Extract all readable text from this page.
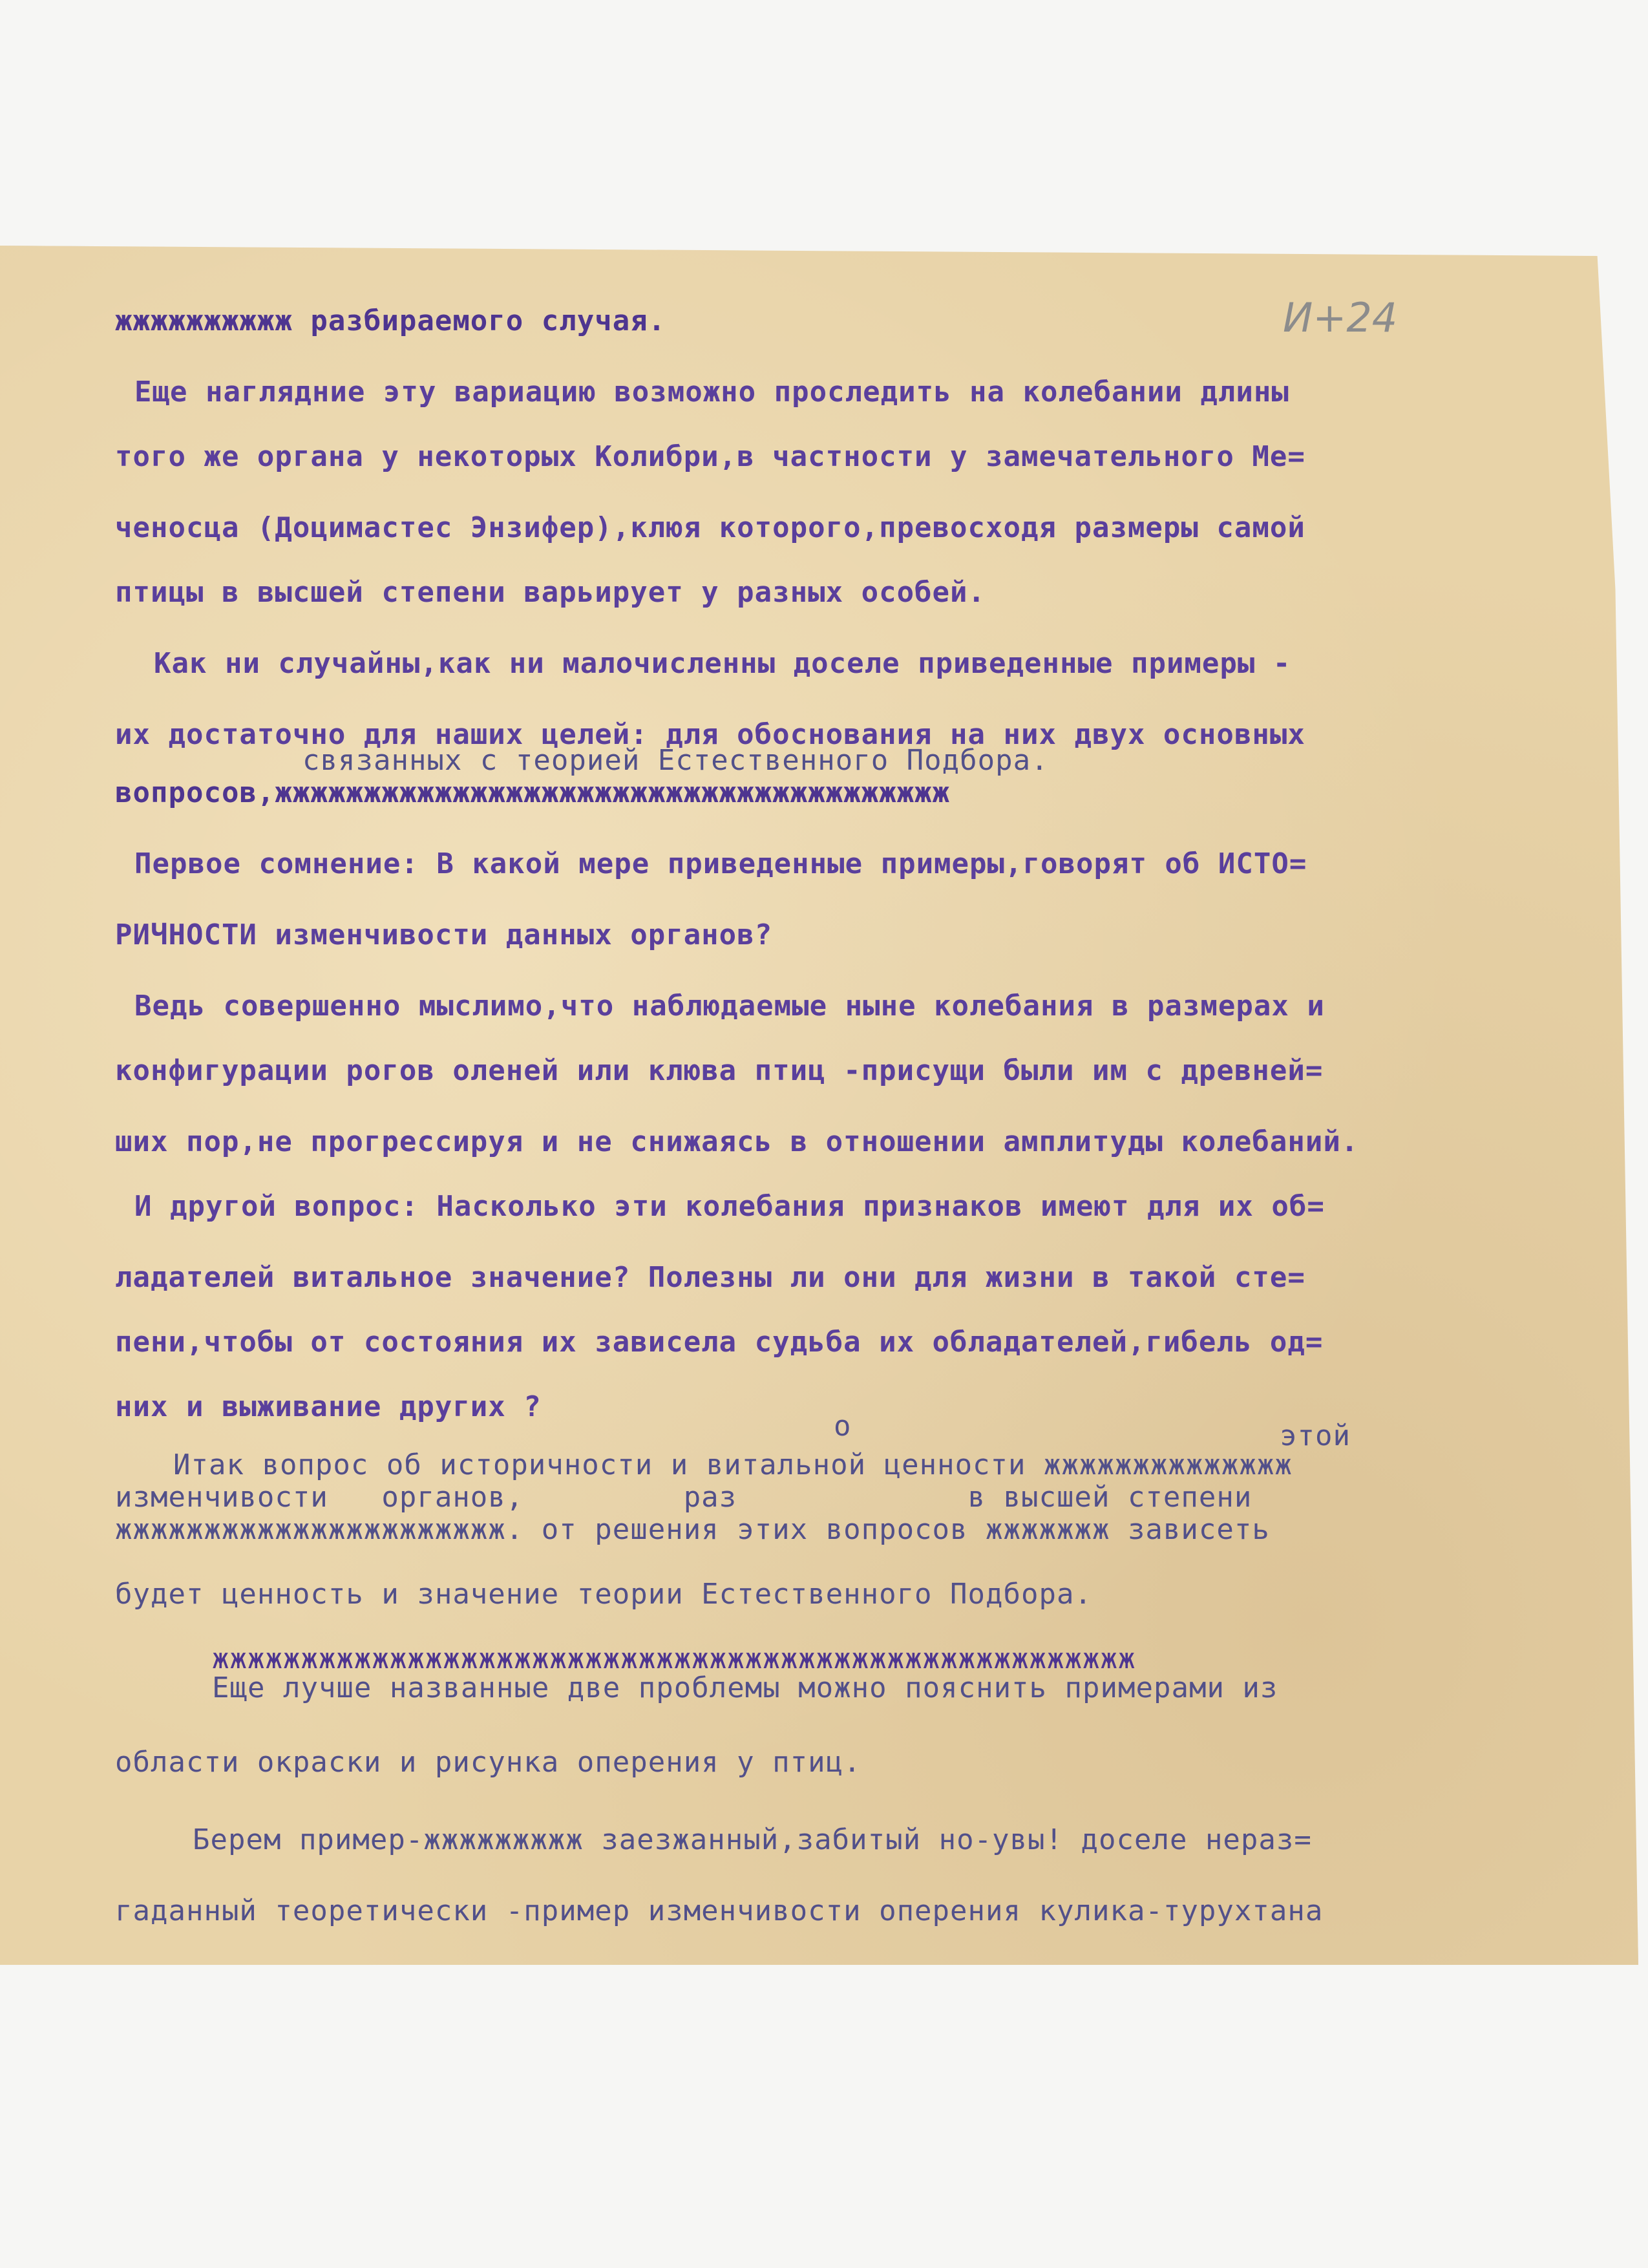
И+24

жжжжжжжжжж разбираемого случая.

Еще наглядние эту вариацию возможно проследить на колебании длины

того же органа у некоторых Колибри,в частности у замечательного Ме=

ченосца (Доцимастес Энзифер),клюя которого,превосходя размеры самой

птицы в высшей степени варьирует у разных особей.

Как ни случайны,как ни малочисленны доселе приведенные примеры -

их достаточно для наших целей: для обоснования на них двух основных

связанных с теорией Естественного Подбора.

вопросов,жжжжжжжжжжжжжжжжжжжжжжжжжжжжжжжжжжжжжж

Первое сомнение: В какой мере приведенные примеры,говорят об ИСТО=

РИЧНОСТИ изменчивости данных органов?

Ведь совершенно мыслимо,что наблюдаемые ныне колебания в размерах и

конфигурации рогов оленей или клюва птиц -присущи были им с древней=

ших пор,не прогрессируя и не снижаясь в отношении амплитуды колебаний.

И другой вопрос: Насколько эти колебания признаков имеют для их об=

ладателей витальное значение? Полезны ли они для жизни в такой сте=

пени,чтобы от состояния их зависела судьба их обладателей,гибель од=

них и выживание других ?

о	этой

Итак вопрос об историчности и витальной ценности жжжжжжжжжжжжжж

изменчивости   органов,         раз             в высшей степени

жжжжжжжжжжжжжжжжжжжжжж. от решения этих вопросов жжжжжжж зависеть

будет ценность и значение теории Естественного Подбора.

жжжжжжжжжжжжжжжжжжжжжжжжжжжжжжжжжжжжжжжжжжжжжжжжжжжж

Еще лучше названные две проблемы можно пояснить примерами из

области окраски и рисунка оперения у птиц.

Берем пример-жжжжжжжжж заезжанный,забитый но-увы! доселе нераз=

гаданный теоретически -пример изменчивости оперения кулика-турухтана
